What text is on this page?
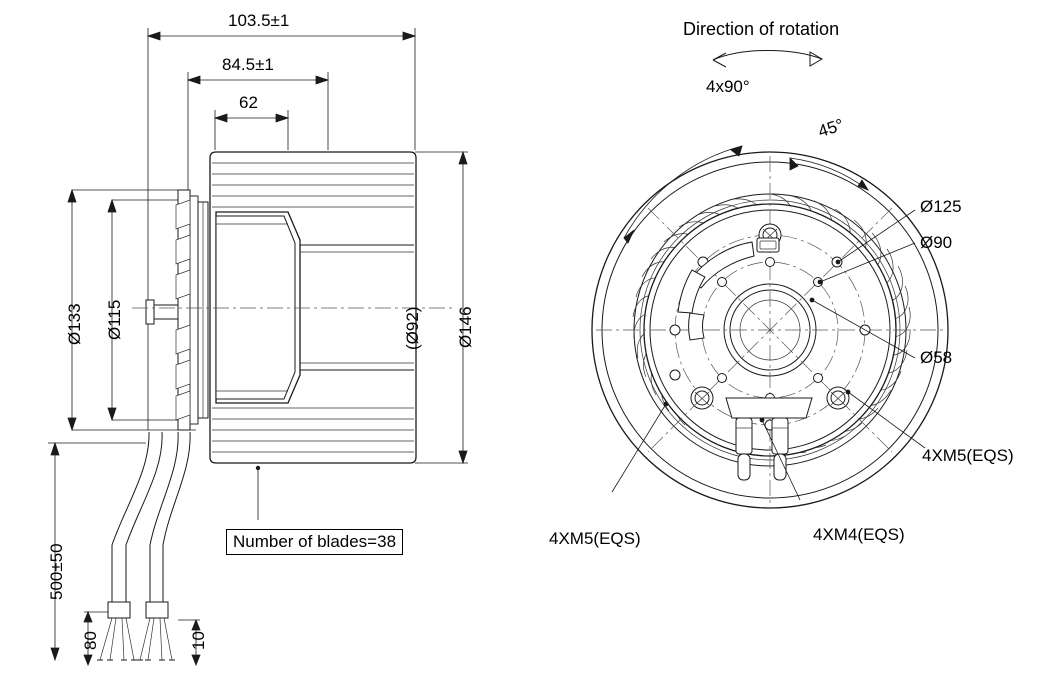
103.5±1
84.5±1
62
Ø133 Ø115	(Ø92) Ø146
500±50
80	10
Number of blades=38
Direction of rotation
4x90°
45°
Ø125
Ø90
Ø58
4XM5(EQS)
4XM5(EQS)	4XM4(EQS)
